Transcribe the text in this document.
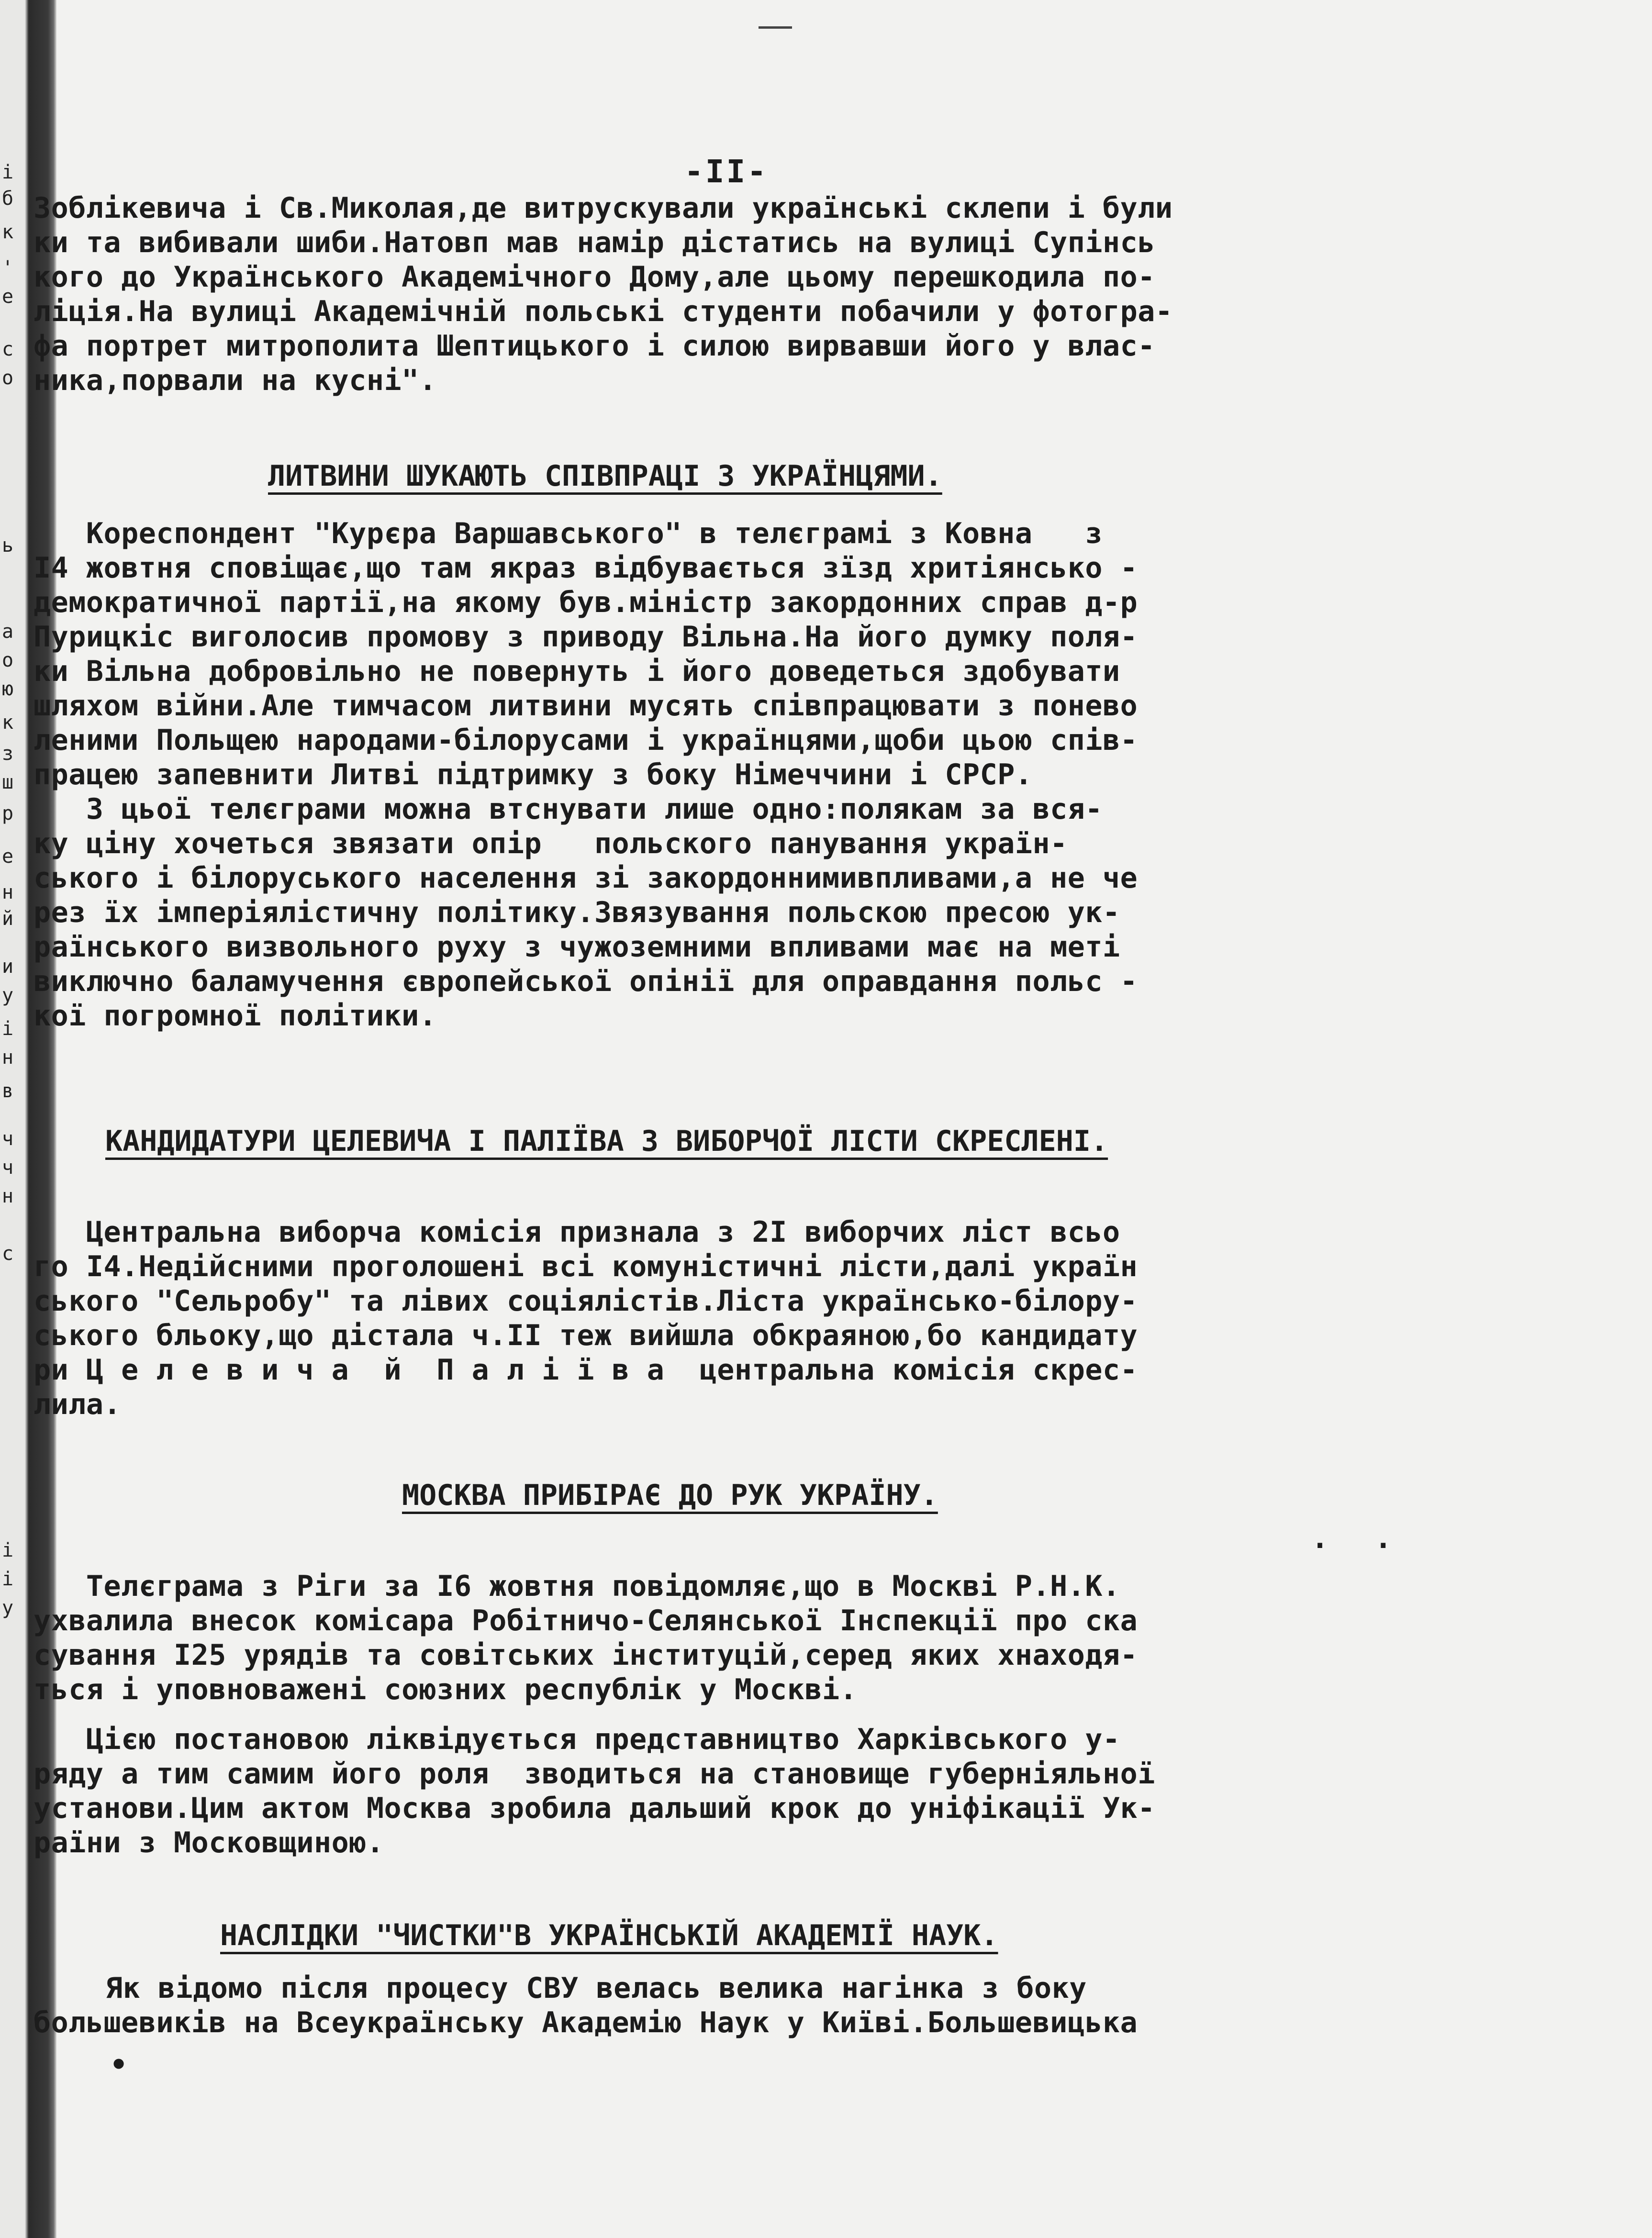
і
б
к
'
е
с
о
ь
а
о
ю
к
з
ш
р
е
н
й
и
у
і
н
в
ч
ч
н
с
і
і
у
-II-
Зоблікевича і Св.Миколая,де витрускували українські склепи і були
ки та вибивали шиби.Натовп мав намір дістатись на вулиці Супінсь
кого до Українського Академічного Дому,але цьому перешкодила по-
ліція.На вулиці Академічній польські студенти побачили у фотогра-
фа портрет митрополита Шептицького і силою вирвавши його у влас-
ника,порвали на кусні".
ЛИТВИНИ ШУКАЮТЬ СПІВПРАЦІ З УКРАЇНЦЯМИ.
Кореспондент "Курєра Варшавського" в телєграмі з Ковна   з
I4 жовтня сповіщає,що там якраз відбувається зїзд хритіянсько -
демократичної партії,на якому був.міністр закордонних справ д-р
Пурицкіс виголосив промову з приводу Вільна.На його думку поля-
ки Вільна добровільно не повернуть і його доведеться здобувати
шляхом війни.Але тимчасом литвини мусять співпрацювати з понево
леними Польщею народами-білорусами і українцями,щоби цьою спів-
працею запевнити Литві підтримку з боку Німеччини і СРСР.
З цьої телєграми можна втснувати лише одно:полякам за вся-
ку ціну хочеться звязати опір   польского панування україн-
ського і білоруського населення зі закордоннимивпливами,а не че
рез їх імперіялістичну політику.Звязування польскою пресою ук-
раїнського визвольного руху з чужоземними впливами має на меті
виключно баламучення європейської опінії для оправдання польс -
кої погромної політики.
КАНДИДАТУРИ ЦЕЛЕВИЧА І ПАЛІЇВА З ВИБОРЧОЇ ЛІСТИ СКРЕСЛЕНІ.
Центральна виборча комісія признала з 2I виборчих ліст всьо
го I4.Недійсними проголошені всі комуністичні лісти,далі україн
ського "Сельробу" та лівих соціялістів.Ліста українсько-білору-
ського бльоку,що дістала ч.II теж вийшла обкраяною,бо кандидату
ри Ц е л е в и ч а  й  П а л і ї в а  центральна комісія скрес-
лила.
МОСКВА ПРИБІРАЄ ДО РУК УКРАЇНУ.
. .
Телєграма з Ріги за I6 жовтня повідомляє,що в Москві Р.Н.К.
ухвалила внесок комісара Робітничо-Селянської Інспекції про ска
сування I25 урядів та совітських інституцій,серед яких хнаходя-
ться і уповноважені союзних республік у Москві.
Цією постановою ліквідується представництво Харківського у-
ряду а тим самим його роля  зводиться на становище губерніяльної
установи.Цим актом Москва зробила дальший крок до уніфікації Ук-
раїни з Московщиною.
НАСЛІДКИ "ЧИСТКИ"В УКРАЇНСЬКІЙ АКАДЕМІЇ НАУК.
Як відомо після процесу СВУ велась велика нагінка з боку
большевиків на Всеукраїнську Академію Наук у Київі.Большевицька
•
